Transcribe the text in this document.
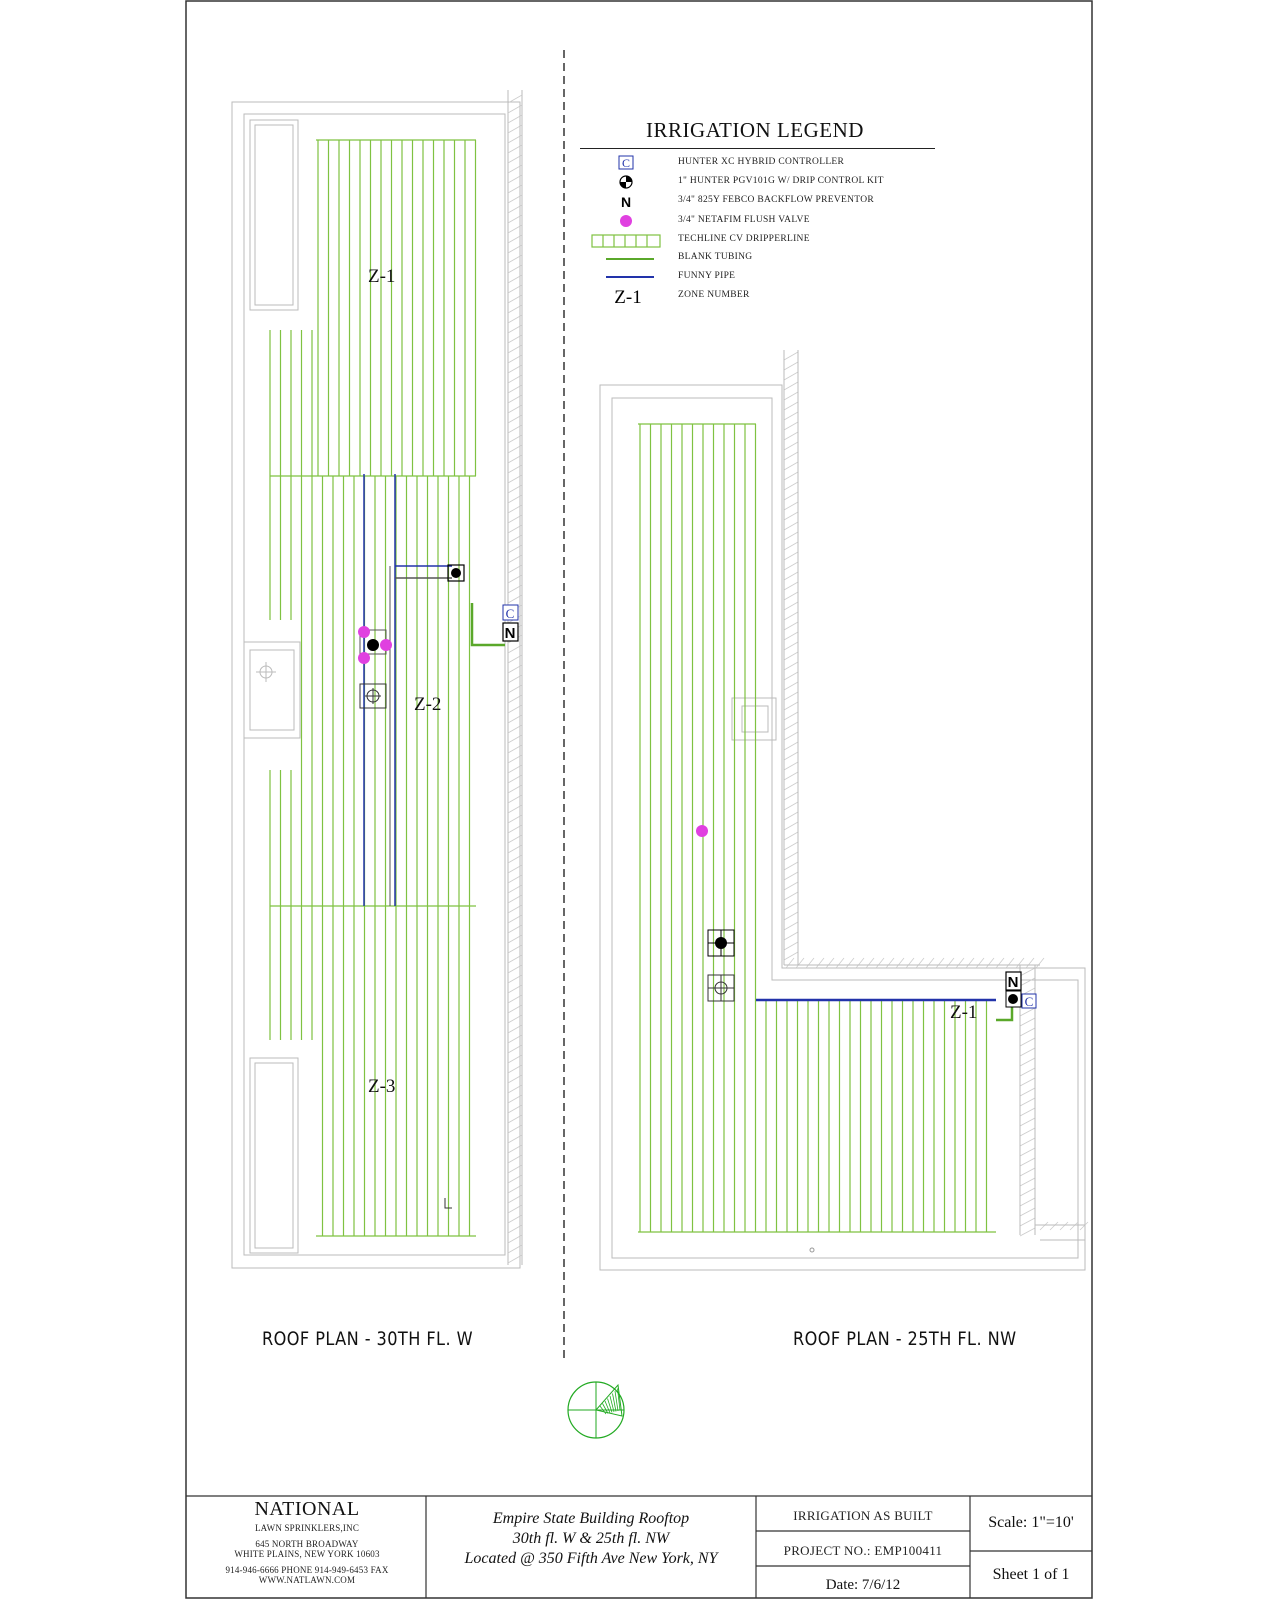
C
N
N
C
C
N
Z-1
IRRIGATION LEGEND
HUNTER XC HYBRID CONTROLLER
1" HUNTER PGV101G W/ DRIP CONTROL KIT
3/4" 825Y FEBCO BACKFLOW PREVENTOR
3/4" NETAFIM FLUSH VALVE
TECHLINE CV DRIPPERLINE
BLANK TUBING
FUNNY PIPE
ZONE NUMBER
Z-1
Z-2
Z-3
Z-1
ROOF PLAN - 30TH FL. W	ROOF PLAN - 25TH FL. NW
NATIONAL
LAWN SPRINKLERS,INC
645 NORTH BROADWAY
WHITE PLAINS, NEW YORK 10603
914-946-6666 PHONE 914-949-6453 FAX
WWW.NATLAWN.COM
Empire State Building Rooftop
30th fl. W & 25th fl. NW
Located @ 350 Fifth Ave New York, NY
IRRIGATION AS BUILT
PROJECT NO.: EMP100411
Date: 7/6/12
Scale: 1"=10'
Sheet 1 of 1
